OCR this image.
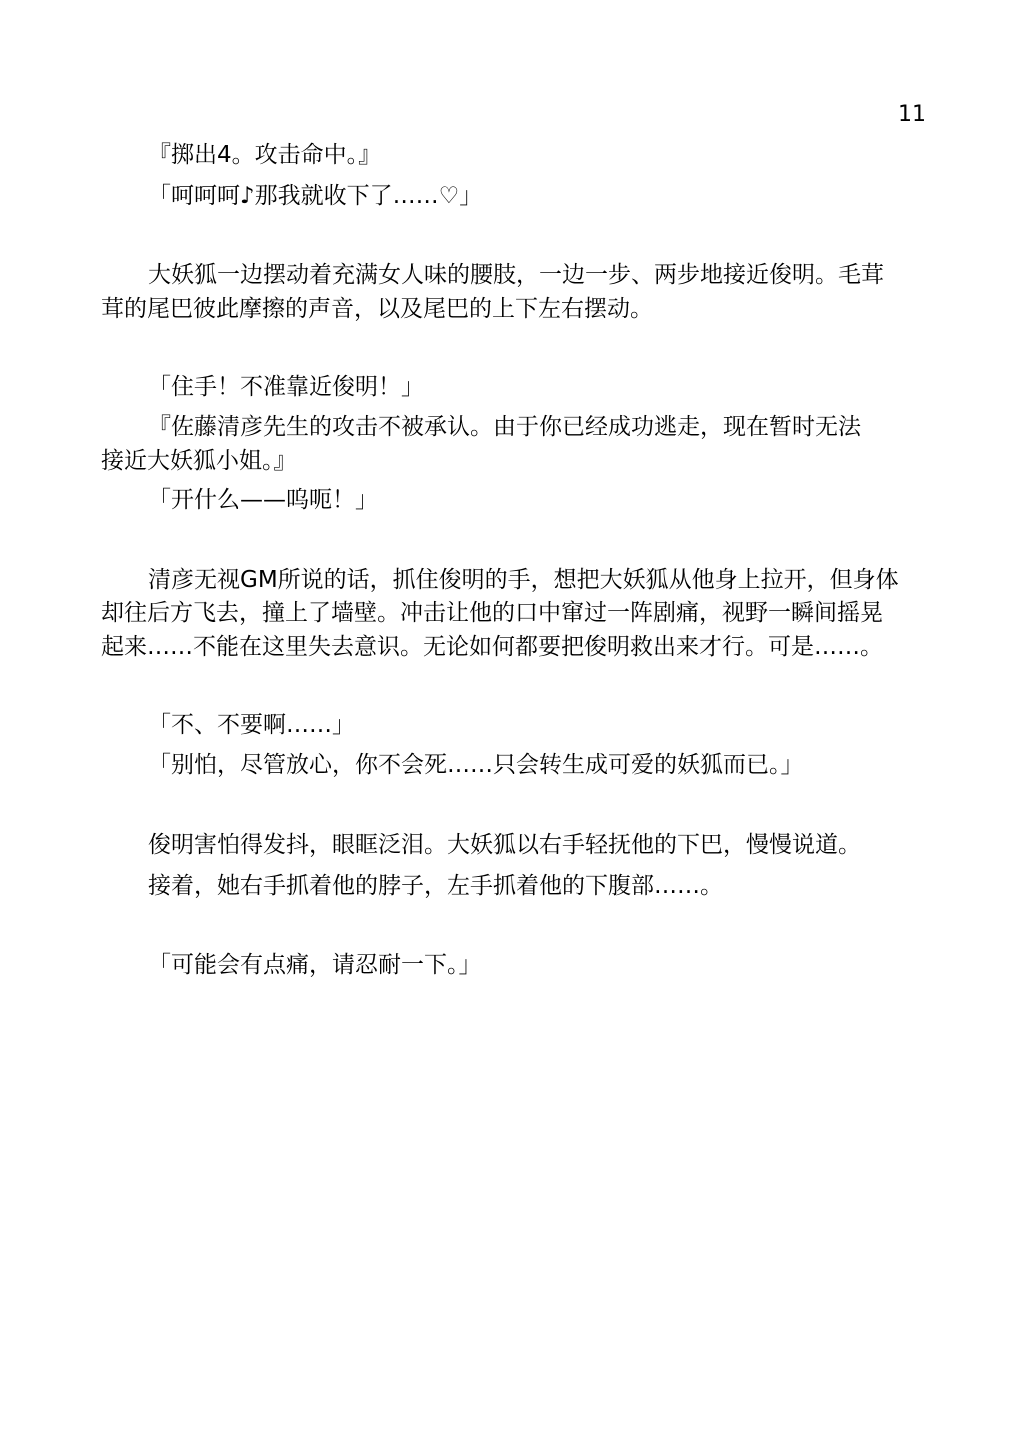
11
『掷出4。攻击命中。』
「呵呵呵♪那我就收下了……♡」
大妖狐一边摆动着充满女人味的腰肢，一边一步、两步地接近俊明。毛茸
茸的尾巴彼此摩擦的声音，以及尾巴的上下左右摆动。
「住手！不准靠近俊明！」
『佐藤清彦先生的攻击不被承认。由于你已经成功逃走，现在暂时无法
接近大妖狐小姐。』
「开什么——呜呃！」
清彦无视GM所说的话，抓住俊明的手，想把大妖狐从他身上拉开，但身体
却往后方飞去，撞上了墙壁。冲击让他的口中窜过一阵剧痛，视野一瞬间摇晃
起来……不能在这里失去意识。无论如何都要把俊明救出来才行。可是……。
「不、不要啊……」
「别怕，尽管放心，你不会死……只会转生成可爱的妖狐而已。」
俊明害怕得发抖，眼眶泛泪。大妖狐以右手轻抚他的下巴，慢慢说道。
接着，她右手抓着他的脖子，左手抓着他的下腹部……。
「可能会有点痛，请忍耐一下。」
